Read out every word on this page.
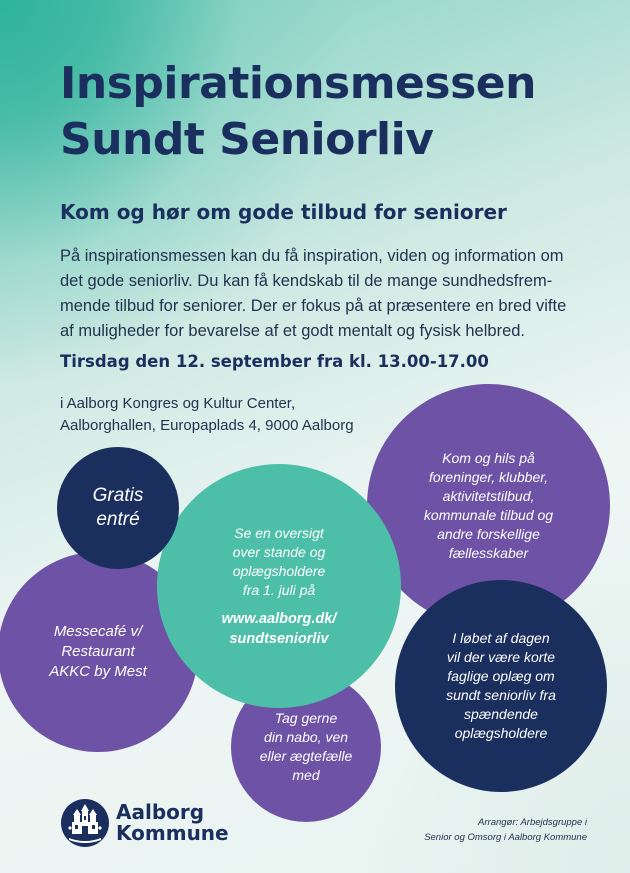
Inspirationsmessen
Sundt Seniorliv
Kom og hør om gode tilbud for seniorer

På inspirationsmessen kan du få inspiration, viden og information om
det gode seniorliv. Du kan få kendskab til de mange sundhedsfrem-
mende tilbud for seniorer. Der er fokus på at præsentere en bred vifte
af muligheder for bevarelse af et godt mentalt og fysisk helbred.

Tirsdag den 12. september fra kl. 13.00-17.00

i Aalborg Kongres og Kultur Center,
Aalborghallen, Europaplads 4, 9000 Aalborg

Kom og hils på
foreninger, klubber,
aktivitetstilbud,
kommunale tilbud og
andre forskellige
fællesskaber
I løbet af dagen
vil der være korte
faglige oplæg om
sundt seniorliv fra
spændende
oplægsholdere
Messecafé v/
Restaurant
AKKC by Mest
Tag gerne
din nabo, ven
eller ægtefælle
med
Se en oversigt
over stande og
oplægsholdere
fra 1. juli på
www.aalborg.dk/
sundtseniorliv
Gratis
entré
Aalborg
Kommune	Arrangør: Arbejdsgruppe i
Senior og Omsorg i Aalborg Kommune
